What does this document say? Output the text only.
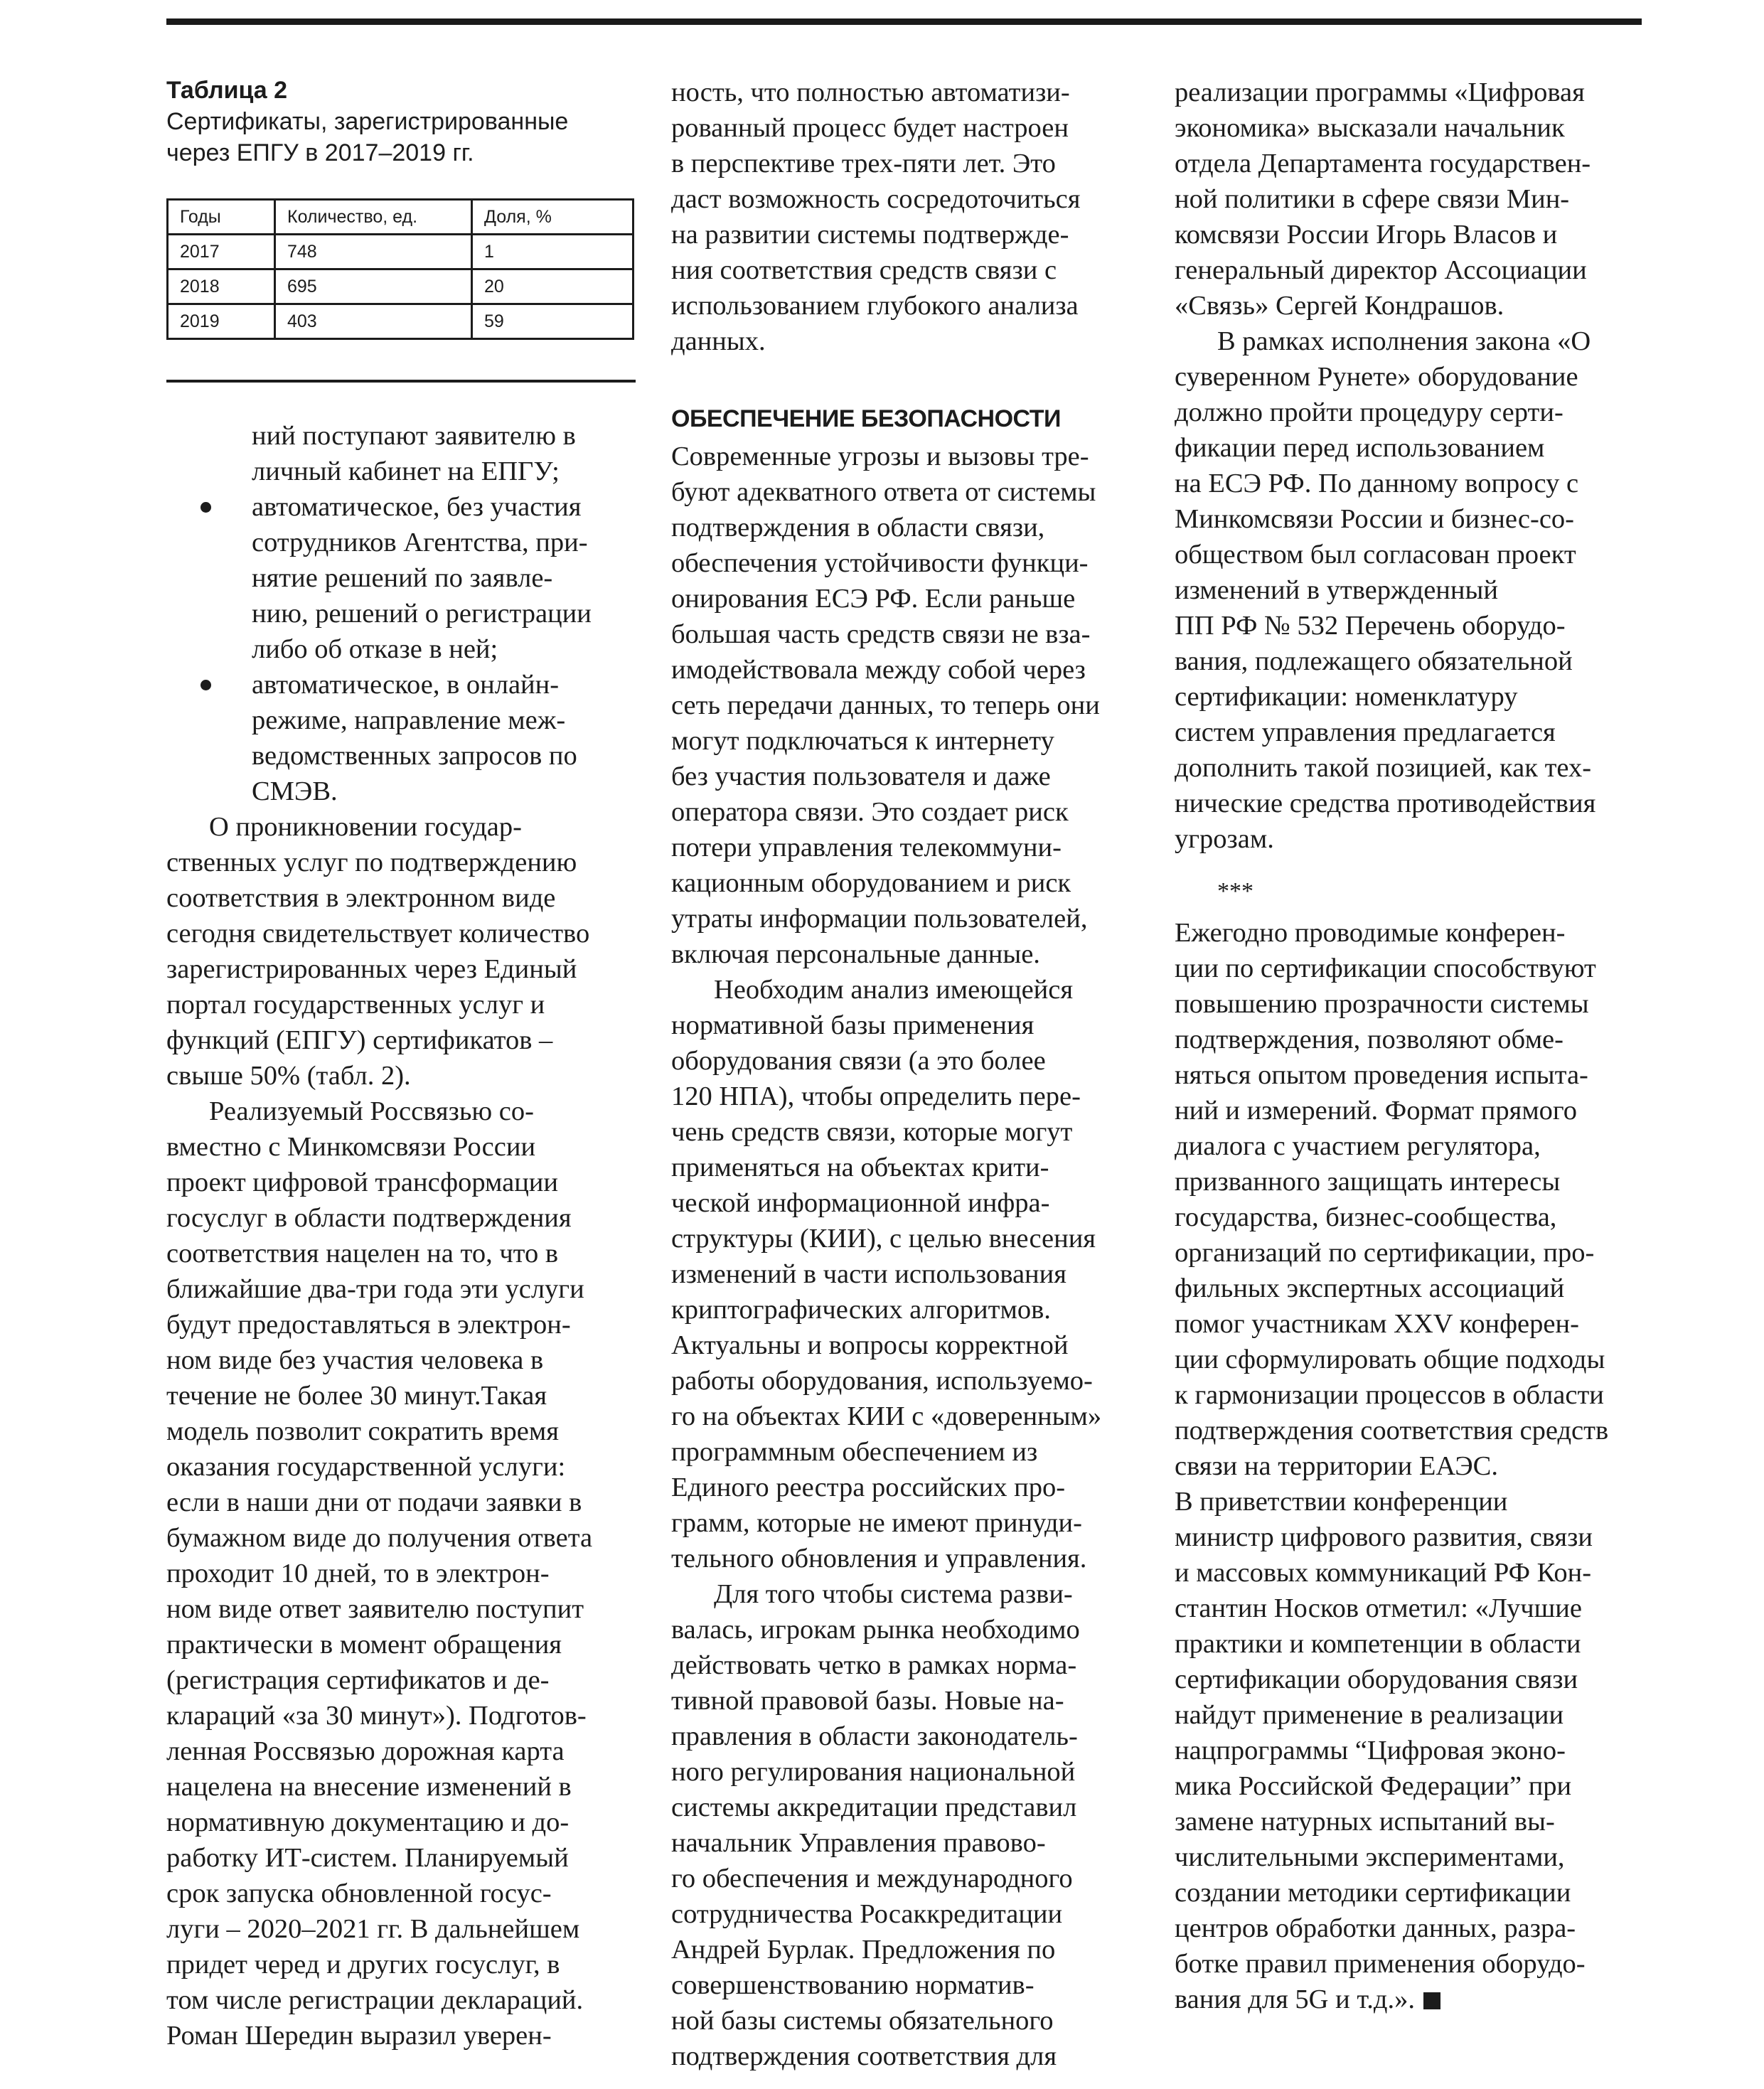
Таблица 2

Сертификаты, зарегистрированные
через ЕПГУ в 2017–2019 гг.

Годы	Количество, ед.	Доля, %
2017	748	1
2018	695	20
2019	403	59

ний поступают заявителю в
личный кабинет на ЕПГУ;

автоматическое, без участия
сотрудников Агентства, при-
нятие решений по заявле-
нию, решений о регистрации
либо об отказе в ней;

автоматическое, в онлайн-
режиме, направление меж-
ведомственных запросов по
СМЭВ.

О проникновении государ-
ственных услуг по подтверждению
соответствия в электронном виде
сегодня свидетельствует количество
зарегистрированных через Единый
портал государственных услуг и
функций (ЕПГУ) сертификатов –
свыше 50% (табл. 2).

Реализуемый Россвязью со-
вместно с Минкомсвязи России
проект цифровой трансформации
госуслуг в области подтверждения
соответствия нацелен на то, что в
ближайшие два-три года эти услуги
будут предоставляться в электрон-
ном виде без участия человека в
течение не более 30 минут.Такая
модель позволит сократить время
оказания государственной услуги:
если в наши дни от подачи заявки в
бумажном виде до получения ответа
проходит 10 дней, то в электрон-
ном виде ответ заявителю поступит
практически в момент обращения
(регистрация сертификатов и де-
клараций «за 30 минут»). Подготов-
ленная Россвязью дорожная карта
нацелена на внесение изменений в
нормативную документацию и до-
работку ИТ-систем. Планируемый
срок запуска обновленной госус-
луги – 2020–2021 гг. В дальнейшем
придет черед и других госуслуг, в
том числе регистрации деклараций.
Роман Шередин выразил уверен-

ность, что полностью автоматизи-
рованный процесс будет настроен
в перспективе трех-пяти лет. Это
даст возможность сосредоточиться
на развитии системы подтвержде-
ния соответствия средств связи с
использованием глубокого анализа
данных.

ОБЕСПЕЧЕНИЕ БЕЗОПАСНОСТИ

Современные угрозы и вызовы тре-
буют адекватного ответа от системы
подтверждения в области связи,
обеспечения устойчивости функци-
онирования ЕСЭ РФ. Если раньше
большая часть средств связи не вза-
имодействовала между собой через
сеть передачи данных, то теперь они
могут подключаться к интернету
без участия пользователя и даже
оператора связи. Это создает риск
потери управления телекоммуни-
кационным оборудованием и риск
утраты информации пользователей,
включая персональные данные.

Необходим анализ имеющейся
нормативной базы применения
оборудования связи (а это более
120 НПА), чтобы определить пере-
чень средств связи, которые могут
применяться на объектах крити-
ческой информационной инфра-
структуры (КИИ), с целью внесения
изменений в части использования
криптографических алгоритмов.
Актуальны и вопросы корректной
работы оборудования, используемо-
го на объектах КИИ с «доверенным»
программным обеспечением из
Единого реестра российских про-
грамм, которые не имеют принуди-
тельного обновления и управления.

Для того чтобы система разви-
валась, игрокам рынка необходимо
действовать четко в рамках норма-
тивной правовой базы. Новые на-
правления в области законодатель-
ного регулирования национальной
системы аккредитации представил
начальник Управления правово-
го обеспечения и международного
сотрудничества Росаккредитации
Андрей Бурлак. Предложения по
совершенствованию норматив-
ной базы системы обязательного
подтверждения соответствия для

реализации программы «Цифровая
экономика» высказали начальник
отдела Департамента государствен-
ной политики в сфере связи Мин-
комсвязи России Игорь Власов и
генеральный директор Ассоциации
«Связь» Сергей Кондрашов.

В рамках исполнения закона «О
суверенном Рунете» оборудование
должно пройти процедуру серти-
фикации перед использованием
на ЕСЭ РФ. По данному вопросу с
Минкомсвязи России и бизнес-со-
обществом был согласован проект
изменений в утвержденный
ПП РФ № 532 Перечень оборудо-
вания, подлежащего обязательной
сертификации: номенклатуру
систем управления предлагается
дополнить такой позицией, как тех-
нические средства противодействия
угрозам.

***

Ежегодно проводимые конферен-
ции по сертификации способствуют
повышению прозрачности системы
подтверждения, позволяют обме-
няться опытом проведения испыта-
ний и измерений. Формат прямого
диалога с участием регулятора,
призванного защищать интересы
государства, бизнес-сообщества,
организаций по сертификации, про-
фильных экспертных ассоциаций
помог участникам XXV конферен-
ции сформулировать общие подходы
к гармонизации процессов в области
подтверждения соответствия средств
связи на территории ЕАЭС.

В приветствии конференции
министр цифрового развития, связи
и массовых коммуникаций РФ Кон-
стантин Носков отметил: «Лучшие
практики и компетенции в области
сертификации оборудования связи
найдут применение в реализации
нацпрограммы “Цифровая эконо-
мика Российской Федерации” при
замене натурных испытаний вы-
числительными экспериментами,
создании методики сертификации
центров обработки данных, разра-
ботке правил применения оборудо-
вания для 5G и т.д.».
